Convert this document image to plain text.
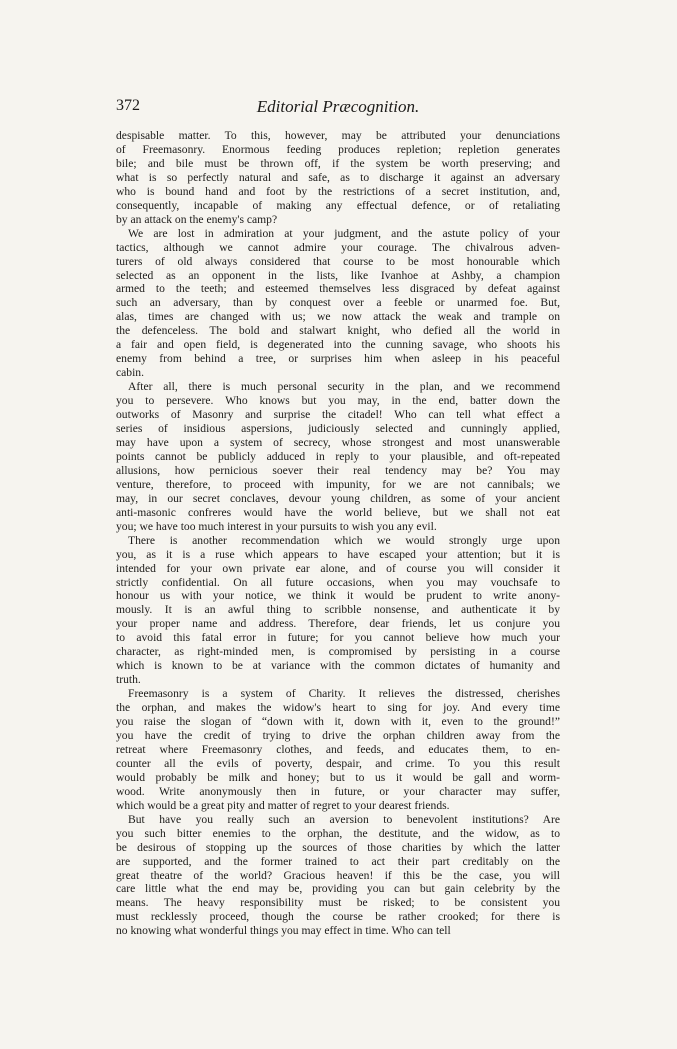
372	Editorial Præcognition.

despisable matter. To this, however, may be attributed your denunciations
of Freemasonry. Enormous feeding produces repletion; repletion generates
bile; and bile must be thrown off, if the system be worth preserving; and
what is so perfectly natural and safe, as to discharge it against an adversary
who is bound hand and foot by the restrictions of a secret institution, and,
consequently, incapable of making any effectual defence, or of retaliating
by an attack on the enemy's camp?

We are lost in admiration at your judgment, and the astute policy of your
tactics, although we cannot admire your courage. The chivalrous adven-
turers of old always considered that course to be most honourable which
selected as an opponent in the lists, like Ivanhoe at Ashby, a champion
armed to the teeth; and esteemed themselves less disgraced by defeat against
such an adversary, than by conquest over a feeble or unarmed foe. But,
alas, times are changed with us; we now attack the weak and trample on
the defenceless. The bold and stalwart knight, who defied all the world in
a fair and open field, is degenerated into the cunning savage, who shoots his
enemy from behind a tree, or surprises him when asleep in his peaceful
cabin.

After all, there is much personal security in the plan, and we recommend
you to persevere. Who knows but you may, in the end, batter down the
outworks of Masonry and surprise the citadel! Who can tell what effect a
series of insidious aspersions, judiciously selected and cunningly applied,
may have upon a system of secrecy, whose strongest and most unanswerable
points cannot be publicly adduced in reply to your plausible, and oft-repeated
allusions, how pernicious soever their real tendency may be? You may
venture, therefore, to proceed with impunity, for we are not cannibals; we
may, in our secret conclaves, devour young children, as some of your ancient
anti-masonic confreres would have the world believe, but we shall not eat
you; we have too much interest in your pursuits to wish you any evil.

There is another recommendation which we would strongly urge upon
you, as it is a ruse which appears to have escaped your attention; but it is
intended for your own private ear alone, and of course you will consider it
strictly confidential. On all future occasions, when you may vouchsafe to
honour us with your notice, we think it would be prudent to write anony-
mously. It is an awful thing to scribble nonsense, and authenticate it by
your proper name and address. Therefore, dear friends, let us conjure you
to avoid this fatal error in future; for you cannot believe how much your
character, as right-minded men, is compromised by persisting in a course
which is known to be at variance with the common dictates of humanity and
truth.

Freemasonry is a system of Charity. It relieves the distressed, cherishes
the orphan, and makes the widow's heart to sing for joy. And every time
you raise the slogan of “down with it, down with it, even to the ground!”
you have the credit of trying to drive the orphan children away from the
retreat where Freemasonry clothes, and feeds, and educates them, to en-
counter all the evils of poverty, despair, and crime. To you this result
would probably be milk and honey; but to us it would be gall and worm-
wood. Write anonymously then in future, or your character may suffer,
which would be a great pity and matter of regret to your dearest friends.

But have you really such an aversion to benevolent institutions? Are
you such bitter enemies to the orphan, the destitute, and the widow, as to
be desirous of stopping up the sources of those charities by which the latter
are supported, and the former trained to act their part creditably on the
great theatre of the world? Gracious heaven! if this be the case, you will
care little what the end may be, providing you can but gain celebrity by the
means. The heavy responsibility must be risked; to be consistent you
must recklessly proceed, though the course be rather crooked; for there is
no knowing what wonderful things you may effect in time. Who can tell
